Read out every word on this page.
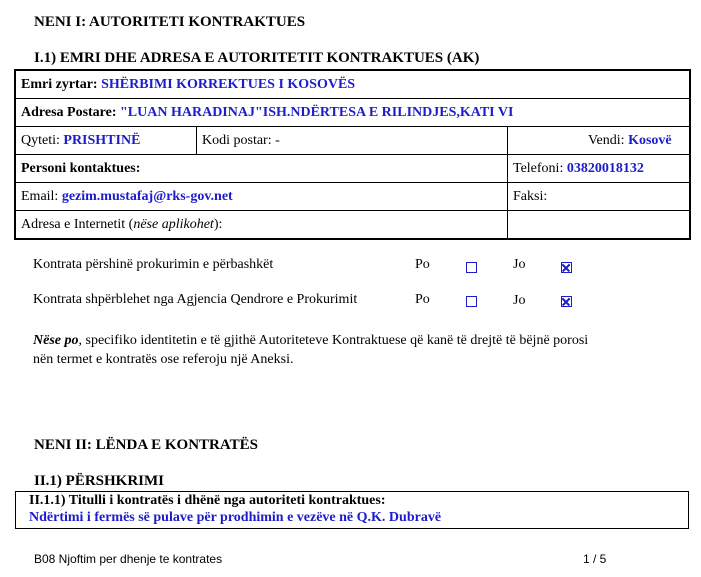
NENI I: AUTORITETI KONTRAKTUES
I.1) EMRI DHE ADRESA E AUTORITETIT KONTRAKTUES (AK)
Emri zyrtar: SHËRBIMI KORREKTUES I KOSOVËS		
Adresa Postare: "LUAN HARADINAJ"ISH.NDËRTESA E RILINDJES,KATI VI		
Qyteti: PRISHTINË	Kodi postar: -	Vendi: Kosovë
Personi kontaktues:		Telefoni: 03820018132
Email: gezim.mustafaj@rks-gov.net		Faksi:
Adresa e Internetit (nëse aplikohet):		
Kontrata përshinë prokurimin e përbashkët	Po	Jo
Kontrata shpërblehet nga Agjencia Qendrore e Prokurimit	Po	Jo
Nëse po, specifiko identitetin e të gjithë Autoriteteve Kontraktuese që kanë të drejtë të bëjnë porosi
nën termet e kontratës ose referoju një Aneksi.
NENI II: LËNDA E KONTRATËS
II.1) PËRSHKRIMI
II.1.1) Titulli i kontratës i dhënë nga autoriteti kontraktues:
Ndërtimi i fermës së pulave për prodhimin e vezëve në Q.K. Dubravë
B08 Njoftim per dhenje te kontrates	1 / 5
